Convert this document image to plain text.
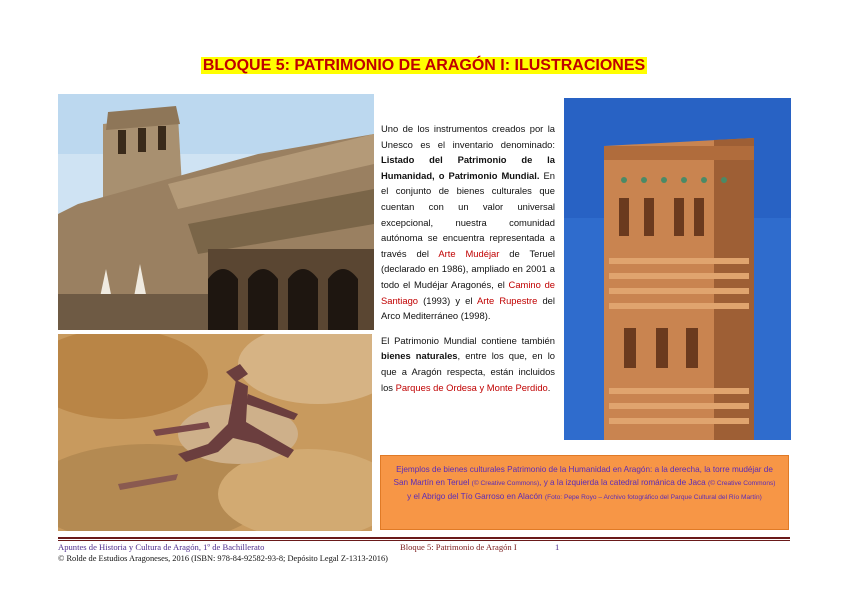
BLOQUE 5: PATRIMONIO DE ARAGÓN I: ILUSTRACIONES

Uno de los instrumentos creados por la Unesco es el inventario denominado: Listado del Patrimonio de la Humanidad, o Patrimonio Mundial. En el conjunto de bienes culturales que cuentan con un valor universal excepcional, nuestra comunidad autónoma se encuentra representada a través del Arte Mudéjar de Teruel (declarado en 1986), ampliado en 2001 a todo el Mudéjar Aragonés, el Camino de Santiago (1993) y el Arte Rupestre del Arco Mediterráneo (1998).

El Patrimonio Mundial contiene también bienes naturales, entre los que, en lo que a Aragón respecta, están incluidos los Parques de Ordesa y Monte Perdido.

Ejemplos de bienes culturales Patrimonio de la Humanidad en Aragón: a la derecha, la torre mudéjar de San Martín en Teruel (© Creative Commons), y a la izquierda la catedral románica de Jaca (© Creative Commons) y el Abrigo del Tío Garroso en Alacón (Foto: Pepe Royo – Archivo fotográfico del Parque Cultural del Río Martín)
Apuntes de Historia y Cultura de Aragón, 1º de Bachillerato	Bloque 5: Patrimonio de Aragón I	1
© Rolde de Estudios Aragoneses, 2016 (ISBN: 978-84-92582-93-8; Depósito Legal Z-1313-2016)
